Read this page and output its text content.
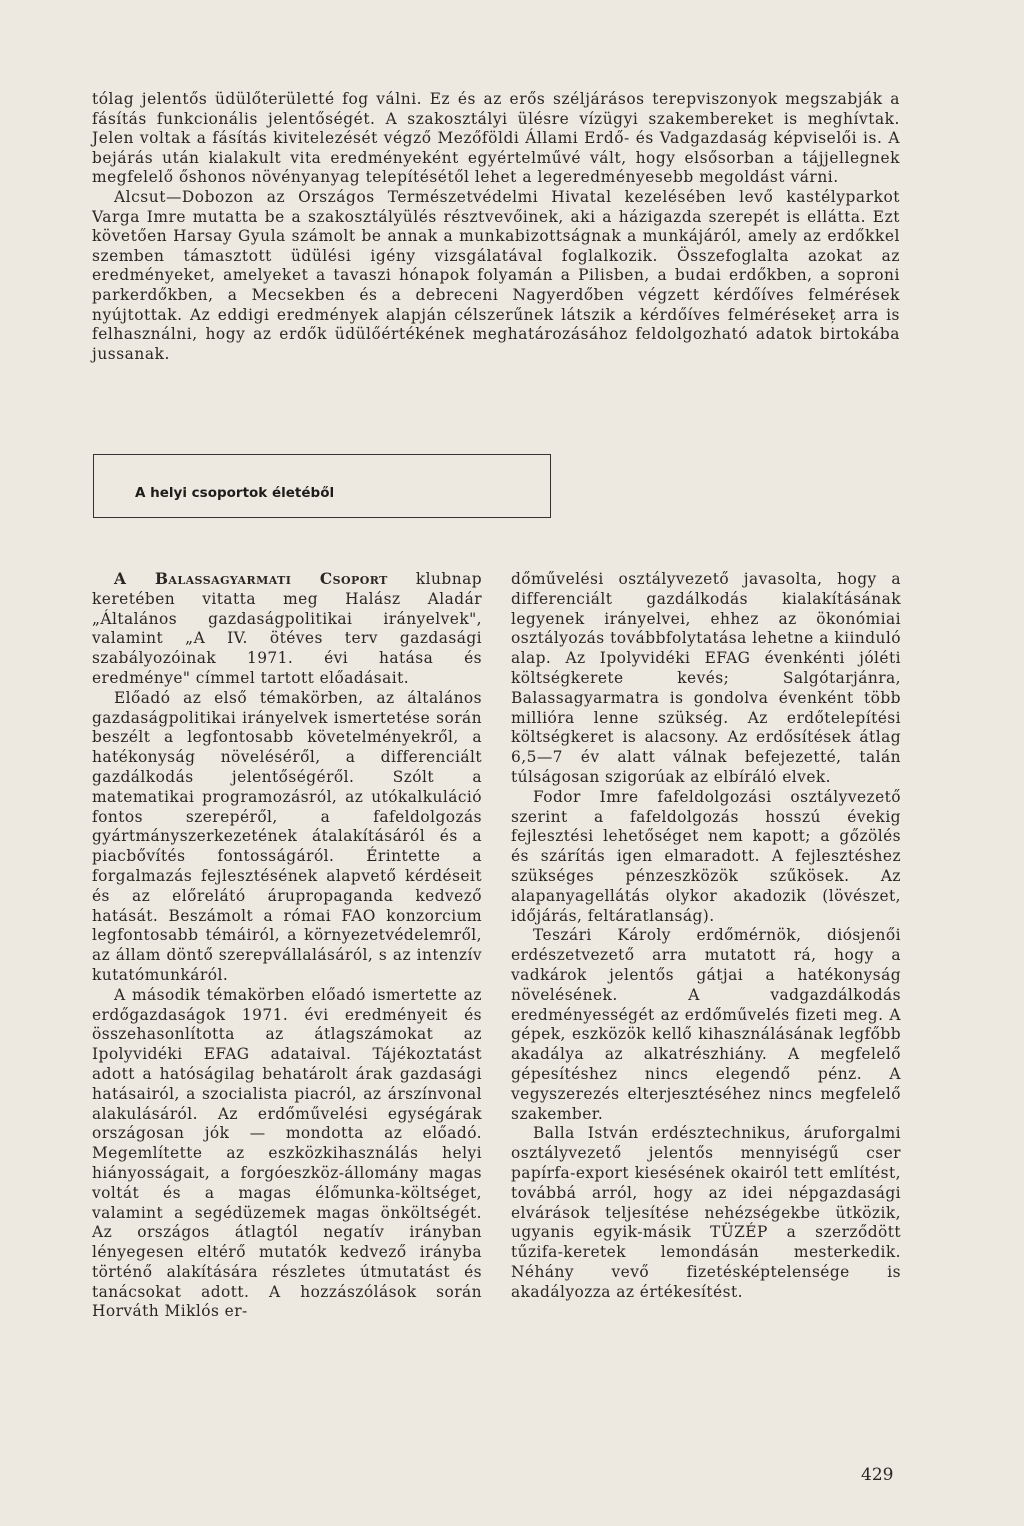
tólag jelentős üdülőterületté fog válni. Ez és az erős széljárásos terepviszonyok megszabják a fásítás funkcionális jelentőségét. A szakosztályi ülésre vízügyi szakembereket is meghívtak. Jelen voltak a fásítás kivitelezését végző Mezőföldi Állami Erdő- és Vadgazdaság képviselői is. A bejárás után kialakult vita eredményeként egyértelművé vált, hogy elsősorban a tájjellegnek megfelelő őshonos növényanyag telepítésétől lehet a legeredményesebb megoldást várni.

Alcsut—Dobozon az Országos Természetvédelmi Hivatal kezelésében levő kastélyparkot Varga Imre mutatta be a szakosztályülés résztvevőinek, aki a házigazda szerepét is ellátta. Ezt követően Harsay Gyula számolt be annak a munkabizottságnak a munkájáról, amely az erdőkkel szemben támasztott üdülési igény vizsgálatával foglalkozik. Összefoglalta azokat az eredményeket, amelyeket a tavaszi hónapok folyamán a Pilisben, a budai erdőkben, a soproni parkerdőkben, a Mecsekben és a debreceni Nagyerdőben végzett kérdőíves felmérések nyújtottak. Az eddigi eredmények alapján célszerűnek látszik a kérdőíves felmérésekeț arra is felhasználni, hogy az erdők üdülőértékének meghatározásához feldolgozható adatok birtokába jussanak.

A helyi csoportok életéből

A Balassagyarmati Csoport klubnap keretében vitatta meg Halász Aladár „Általános gazdaságpolitikai irányelvek", valamint „A IV. ötéves terv gazdasági szabályozóinak 1971. évi hatása és eredménye" címmel tartott előadásait.

Előadó az első témakörben, az általános gazdaságpolitikai irányelvek ismertetése során beszélt a legfontosabb követelményekről, a hatékonyság növeléséről, a differenciált gazdálkodás jelentőségéről. Szólt a matematikai programozásról, az utókalkuláció fontos szerepéről, a fafeldolgozás gyártmányszerkezetének átalakításáról és a piacbővítés fontosságáról. Érintette a forgalmazás fejlesztésének alapvető kérdéseit és az előrelátó árupropaganda kedvező hatását. Beszámolt a római FAO konzorcium legfontosabb témáiról, a környezetvédelemről, az állam döntő szerepvállalásáról, s az intenzív kutatómunkáról.

A második témakörben előadó ismertette az erdőgazdaságok 1971. évi eredményeit és összehasonlította az átlagszámokat az Ipolyvidéki EFAG adataival. Tájékoztatást adott a hatóságilag behatárolt árak gazdasági hatásairól, a szocialista piacról, az árszínvonal alakulásáról. Az erdőművelési egységárak országosan jók — mondotta az előadó. Megemlítette az eszközkihasználás helyi hiányosságait, a forgóeszköz-állomány magas voltát és a magas élőmunka-költséget, valamint a segédüzemek magas önköltségét. Az országos átlagtól negatív irányban lényegesen eltérő mutatók kedvező irányba történő alakítására részletes útmutatást és tanácsokat adott. A hozzászólások során Horváth Miklós er-

dőművelési osztályvezető javasolta, hogy a differenciált gazdálkodás kialakításának legyenek irányelvei, ehhez az ökonómiai osztályozás továbbfolytatása lehetne a kiinduló alap. Az Ipolyvidéki EFAG évenkénti jóléti költségkerete kevés; Salgótarjánra, Balassagyarmatra is gondolva évenként több millióra lenne szükség. Az erdőtelepítési költségkeret is alacsony. Az erdősítések átlag 6,5—7 év alatt válnak befejezetté, talán túlságosan szigorúak az elbíráló elvek.

Fodor Imre fafeldolgozási osztályvezető szerint a fafeldolgozás hosszú évekig fejlesztési lehetőséget nem kapott; a gőzölés és szárítás igen elmaradott. A fejlesztéshez szükséges pénzeszközök szűkösek. Az alapanyagellátás olykor akadozik (lövészet, időjárás, feltáratlanság).

Teszári Károly erdőmérnök, diósjenői erdészetvezető arra mutatott rá, hogy a vadkárok jelentős gátjai a hatékonyság növelésének. A vadgazdálkodás eredményességét az erdőművelés fizeti meg. A gépek, eszközök kellő kihasználásának legfőbb akadálya az alkatrészhiány. A megfelelő gépesítéshez nincs elegendő pénz. A vegyszerezés elterjesztéséhez nincs megfelelő szakember.

Balla István erdésztechnikus, áruforgalmi osztályvezető jelentős mennyiségű cser papírfa-export kiesésének okairól tett említést, továbbá arról, hogy az idei népgazdasági elvárások teljesítése nehézségekbe ütközik, ugyanis egyik-másik TÜZÉP a szerződött tűzifa-keretek lemondásán mesterkedik. Néhány vevő fizetésképtelensége is akadályozza az értékesítést.

429
